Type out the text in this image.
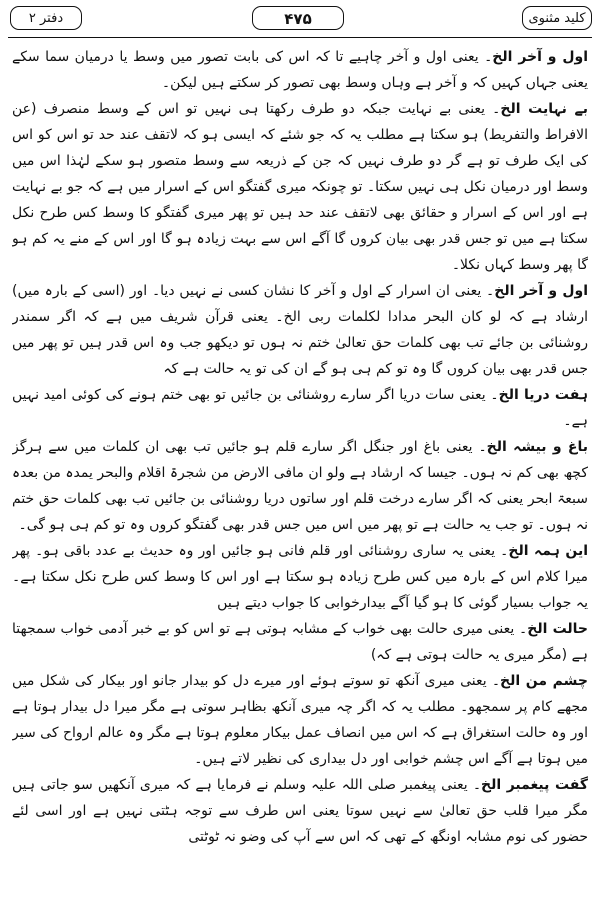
دفتر ۲	۴۷۵	کلید مثنوی

اول و آخر الخ۔ یعنی اول و آخر چاہیے تا کہ اس کی بابت تصور میں وسط یا درمیان سما سکے یعنی جہاں کہیں کہ و آخر ہے وہاں وسط بھی تصور کر سکتے ہیں لیکن۔

بے نہایت الخ۔ یعنی بے نہایت جبکہ دو طرف رکھتا ہی نہیں تو اس کے وسط منصرف (عن الافراط والتفریط) ہو سکتا ہے مطلب یہ کہ جو شئے کہ ایسی ہو کہ لاتقف عند حد تو اس کو اس کی ایک طرف تو ہے گر دو طرف نہیں کہ جن کے ذریعہ سے وسط متصور ہو سکے لہٰذا اس میں وسط اور درمیان نکل ہی نہیں سکتا۔ تو چونکہ میری گفتگو اس کے اسرار میں ہے کہ جو بے نہایت ہے اور اس کے اسرار و حقائق بھی لاتقف عند حد ہیں تو پھر میری گفتگو کا وسط کس طرح نکل سکتا ہے میں تو جس قدر بھی بیان کروں گا آگے اس سے بہت زیادہ ہو گا اور اس کے منے یہ کم ہو گا پھر وسط کہاں نکلا۔

اول و آخر الخ۔ یعنی ان اسرار کے اول و آخر کا نشان کسی نے نہیں دیا۔ اور (اسی کے بارہ میں) ارشاد ہے کہ لو کان البحر مدادا لکلمات ربی الخ۔ یعنی قرآن شریف میں ہے کہ اگر سمندر روشنائی بن جائے تب بھی کلمات حق تعالیٰ ختم نہ ہوں تو دیکھو جب وہ اس قدر ہیں تو پھر میں جس قدر بھی بیان کروں گا وہ تو کم ہی ہو گے ان کی تو یہ حالت ہے کہ

ہفت دریا الخ۔ یعنی سات دریا اگر سارے روشنائی بن جائیں تو بھی ختم ہونے کی کوئی امید نہیں ہے۔

باغ و بیشہ الخ۔ یعنی باغ اور جنگل اگر سارے قلم ہو جائیں تب بھی ان کلمات میں سے ہرگز کچھ بھی کم نہ ہوں۔ جیسا کہ ارشاد ہے ولو ان مافی الارض من شجرۃ اقلام والبحر یمدہ من بعدہ سبعۃ ابحر یعنی کہ اگر سارے درخت قلم اور ساتوں دریا روشنائی بن جائیں تب بھی کلمات حق ختم نہ ہوں۔ تو جب یہ حالت ہے تو پھر میں اس میں جس قدر بھی گفتگو کروں وہ تو کم ہی ہو گی۔

این ہمہ الخ۔ یعنی یہ ساری روشنائی اور قلم فانی ہو جائیں اور وہ حدیث بے عدد باقی ہو۔ پھر میرا کلام اس کے بارہ میں کس طرح زیادہ ہو سکتا ہے اور اس کا وسط کس طرح نکل سکتا ہے۔ یہ جواب بسیار گوئی کا ہو گیا آگے بیدارخوابی کا جواب دیتے ہیں

حالت الخ۔ یعنی میری حالت بھی خواب کے مشابہ ہوتی ہے تو اس کو بے خبر آدمی خواب سمجھتا ہے (مگر میری یہ حالت ہوتی ہے کہ)

چشم من الخ۔ یعنی میری آنکھ تو سوتے ہوئے اور میرے دل کو بیدار جانو اور بیکار کی شکل میں مجھے کام پر سمجھو۔ مطلب یہ کہ اگر چہ میری آنکھ بظاہر سوتی ہے مگر میرا دل بیدار ہوتا ہے اور وہ حالت استغراق ہے کہ اس میں انصاف عمل بیکار معلوم ہوتا ہے مگر وہ عالم ارواح کی سیر میں ہوتا ہے آگے اس چشم خوابی اور دل بیداری کی نظیر لاتے ہیں۔

گفت پیغمبر الخ۔ یعنی پیغمبر صلی اللہ علیہ وسلم نے فرمایا ہے کہ میری آنکھیں سو جاتی ہیں مگر میرا قلب حق تعالیٰ سے نہیں سوتا یعنی اس طرف سے توجہ ہٹتی نہیں ہے اور اسی لئے حضور کی نوم مشابہ اونگھ کے تھی کہ اس سے آپ کی وضو نہ ٹوٹتی
